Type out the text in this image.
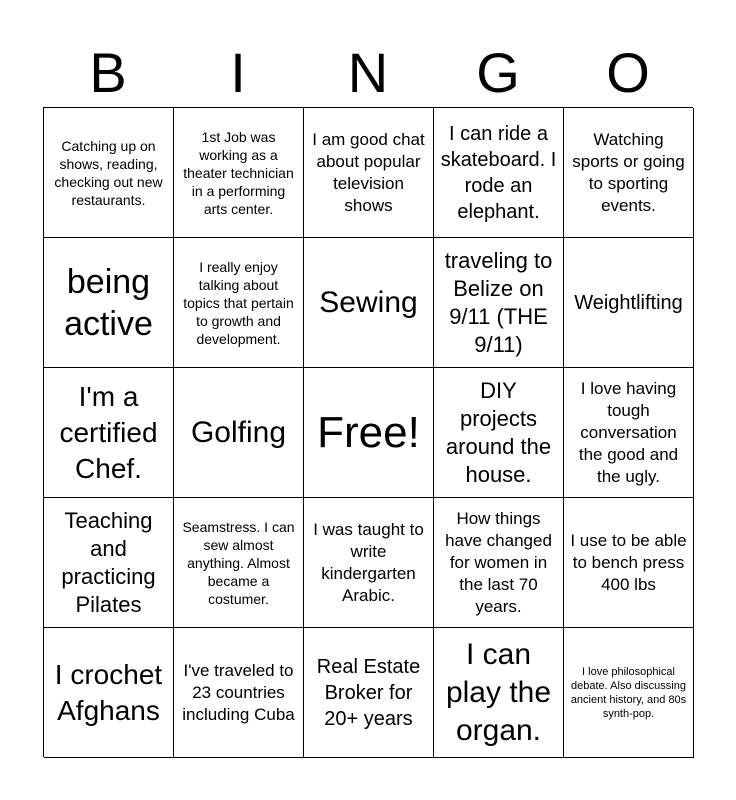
B	I	N	G	O
Catching up on shows, reading, checking out new restaurants.
1st Job was working as a theater technician in a performing arts center.
I am good chat about popular television shows
I can ride a skateboard. I rode an elephant.
Watching sports or going to sporting events.
being active
I really enjoy talking about topics that pertain to growth and development.
Sewing
traveling to Belize on 9/11 (THE 9/11)
Weightlifting
I'm a certified Chef.
Golfing Free!
DIY projects around the house.
I love having tough conversation the good and the ugly.
Teaching and practicing Pilates
Seamstress. I can sew almost anything. Almost became a costumer.
I was taught to write kindergarten Arabic.
How things have changed for women in the last 70 years.
I use to be able to bench press 400 lbs
I crochet Afghans
I've traveled to 23 countries including Cuba
Real Estate Broker for 20+ years
I can play the organ.
I love philosophical debate. Also discussing ancient history, and 80s synth-pop.
